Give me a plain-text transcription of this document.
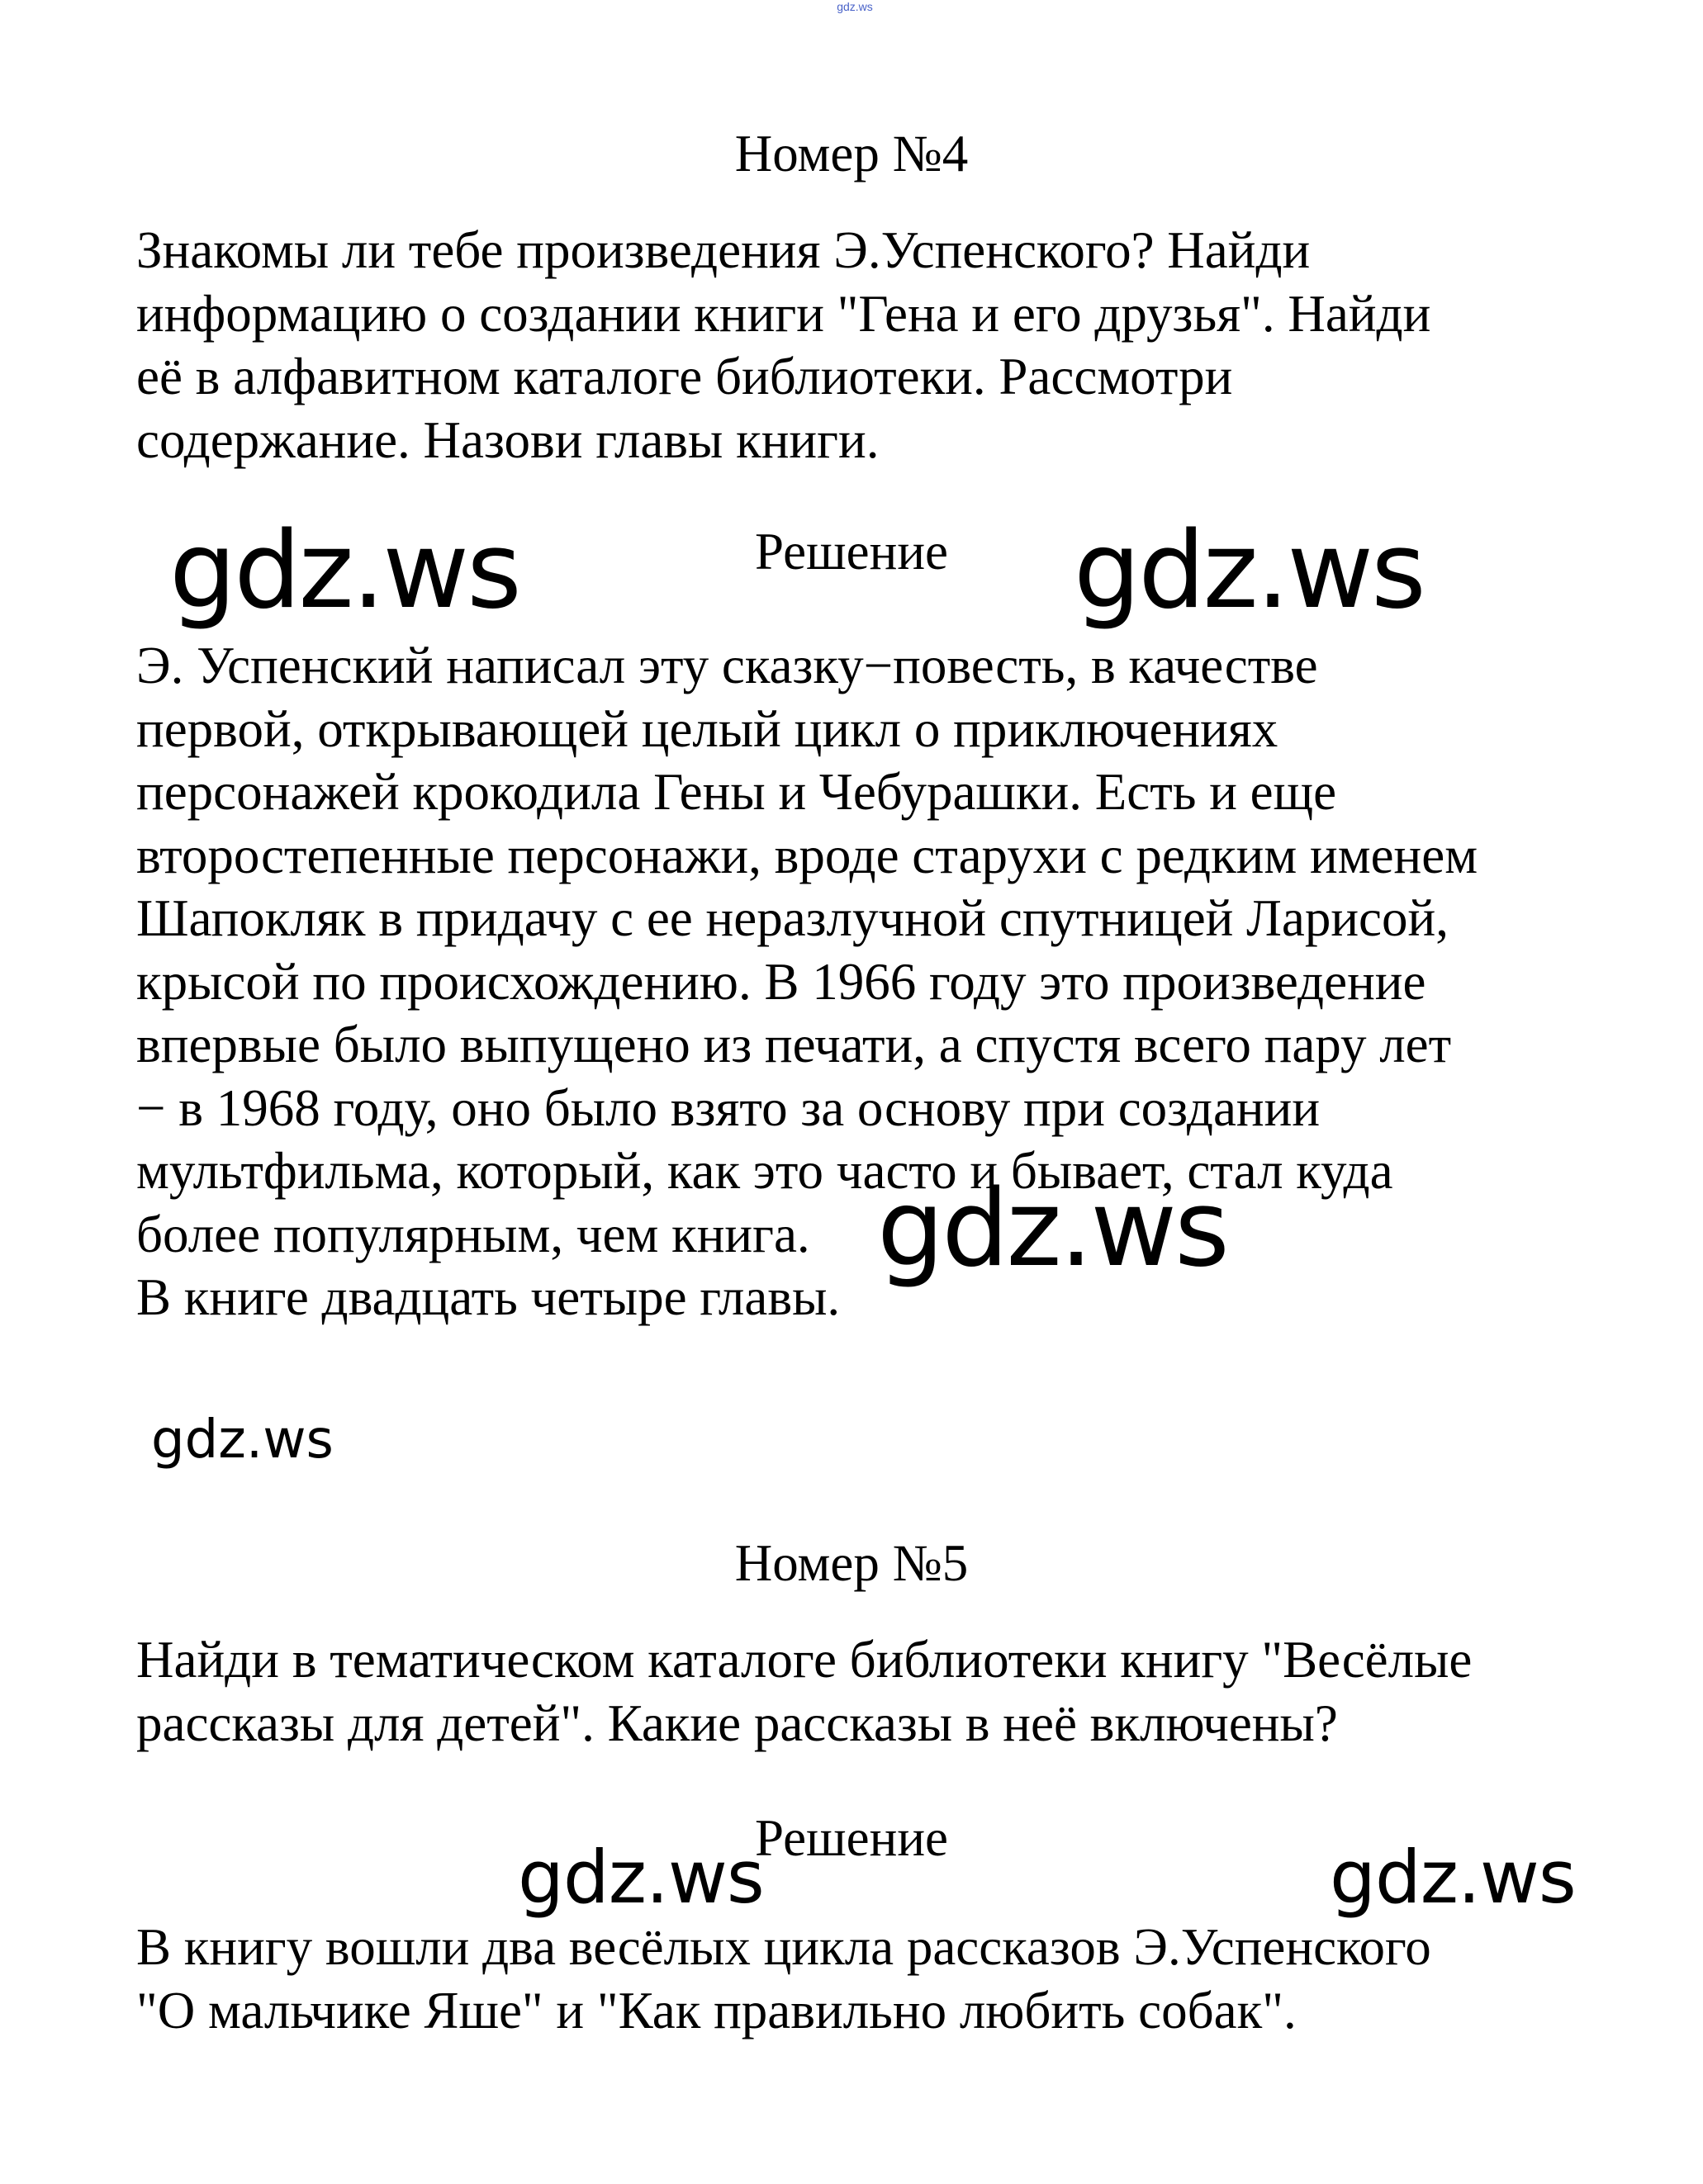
gdz.ws
Номер №4
Знакомы ли тебе произведения Э.Успенского? Найди
информацию о создании книги "Гена и его друзья". Найди
её в алфавитном каталоге библиотеки. Рассмотри
содержание. Назови главы книги.
Решение
Э. Успенский написал эту сказку−повесть, в качестве
первой, открывающей целый цикл о приключениях
персонажей крокодила Гены и Чебурашки. Есть и еще
второстепенные персонажи, вроде старухи с редким именем
Шапокляк в придачу с ее неразлучной спутницей Ларисой,
крысой по происхождению. В 1966 году это произведение
впервые было выпущено из печати, а спустя всего пару лет
− в 1968 году, оно было взято за основу при создании
мультфильма, который, как это часто и бывает, стал куда
более популярным, чем книга.
В книге двадцать четыре главы.
Номер №5
Найди в тематическом каталоге библиотеки книгу "Весёлые
рассказы для детей". Какие рассказы в неё включены?
Решение
В книгу вошли два весёлых цикла рассказов Э.Успенского
"О мальчике Яше" и "Как правильно любить собак".
gdz.ws	gdz.ws
gdz.ws
gdz.ws
gdz.ws	gdz.ws
